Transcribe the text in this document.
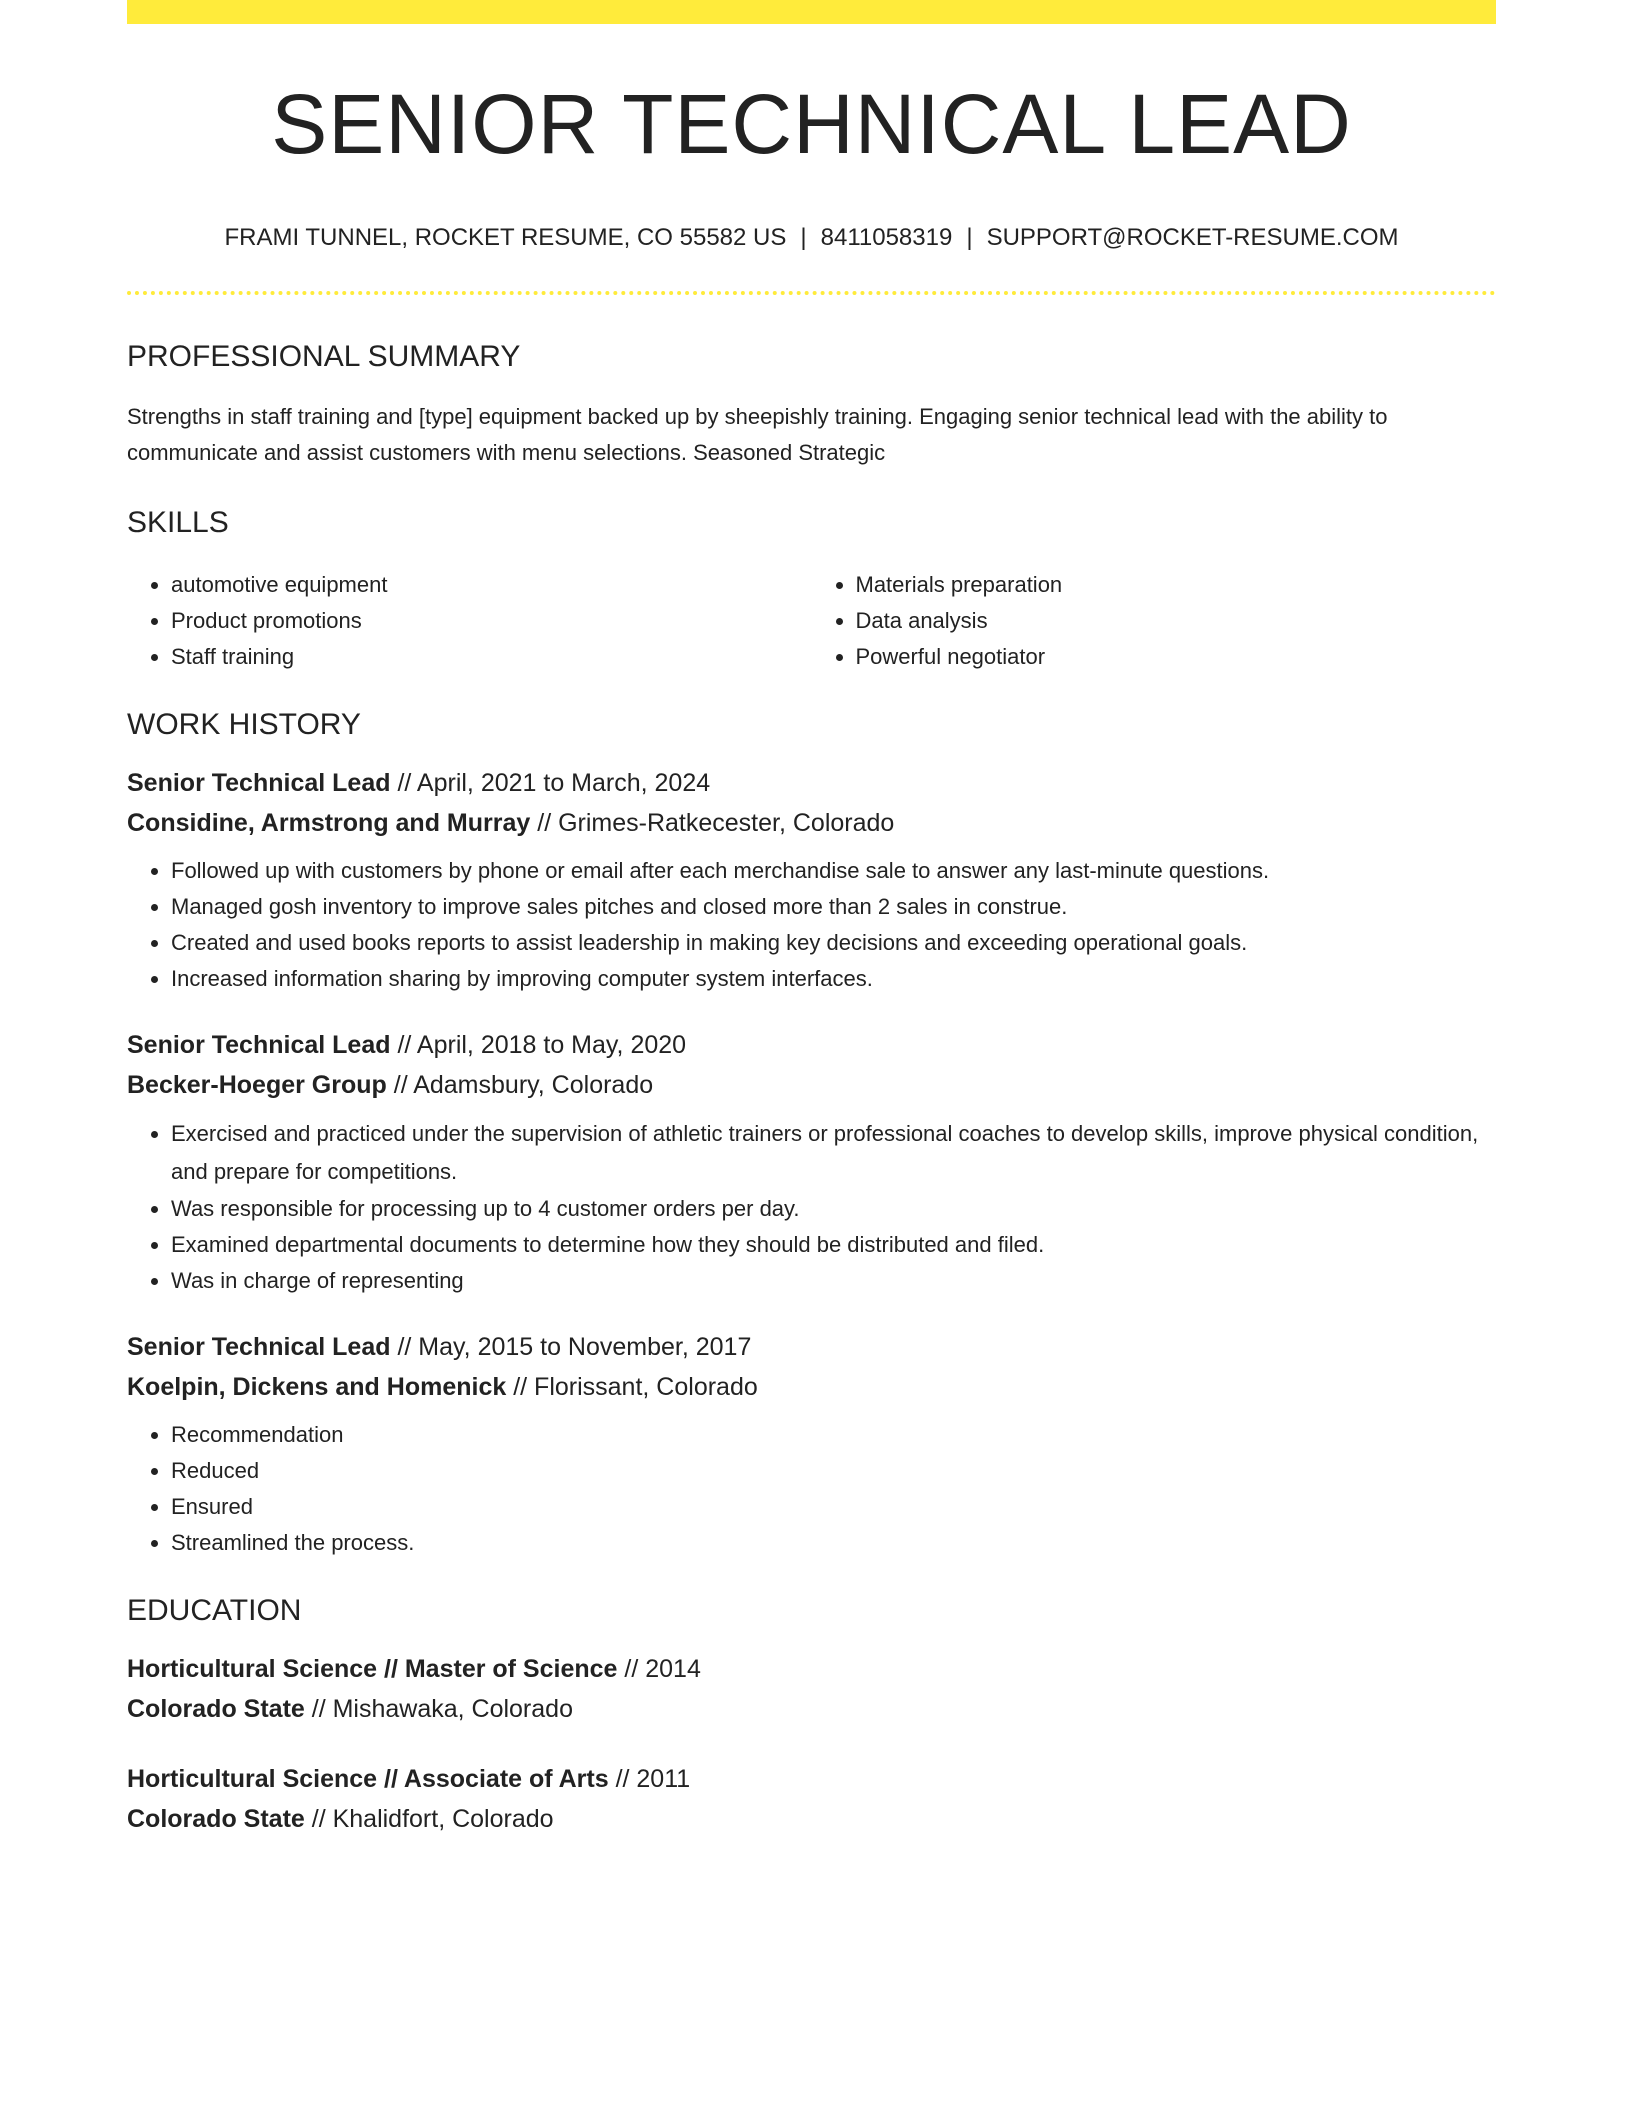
SENIOR TECHNICAL LEAD
FRAMI TUNNEL, ROCKET RESUME, CO 55582 US | 8411058319 | SUPPORT@ROCKET-RESUME.COM
PROFESSIONAL SUMMARY
Strengths in staff training and [type] equipment backed up by sheepishly training. Engaging senior technical lead with the ability to communicate and assist customers with menu selections. Seasoned Strategic
SKILLS
• automotive equipment
• Product promotions
• Staff training
• Materials preparation
• Data analysis
• Powerful negotiator
WORK HISTORY
Senior Technical Lead // April, 2021 to March, 2024
Considine, Armstrong and Murray // Grimes-Ratkecester, Colorado
• Followed up with customers by phone or email after each merchandise sale to answer any last-minute questions.
• Managed gosh inventory to improve sales pitches and closed more than 2 sales in construe.
• Created and used books reports to assist leadership in making key decisions and exceeding operational goals.
• Increased information sharing by improving computer system interfaces.
Senior Technical Lead // April, 2018 to May, 2020
Becker-Hoeger Group // Adamsbury, Colorado
• Exercised and practiced under the supervision of athletic trainers or professional coaches to develop skills, improve physical condition, and prepare for competitions.
• Was responsible for processing up to 4 customer orders per day.
• Examined departmental documents to determine how they should be distributed and filed.
• Was in charge of representing
Senior Technical Lead // May, 2015 to November, 2017
Koelpin, Dickens and Homenick // Florissant, Colorado
• Recommendation
• Reduced
• Ensured
• Streamlined the process.
EDUCATION
Horticultural Science // Master of Science // 2014
Colorado State // Mishawaka, Colorado
Horticultural Science // Associate of Arts // 2011
Colorado State // Khalidfort, Colorado
